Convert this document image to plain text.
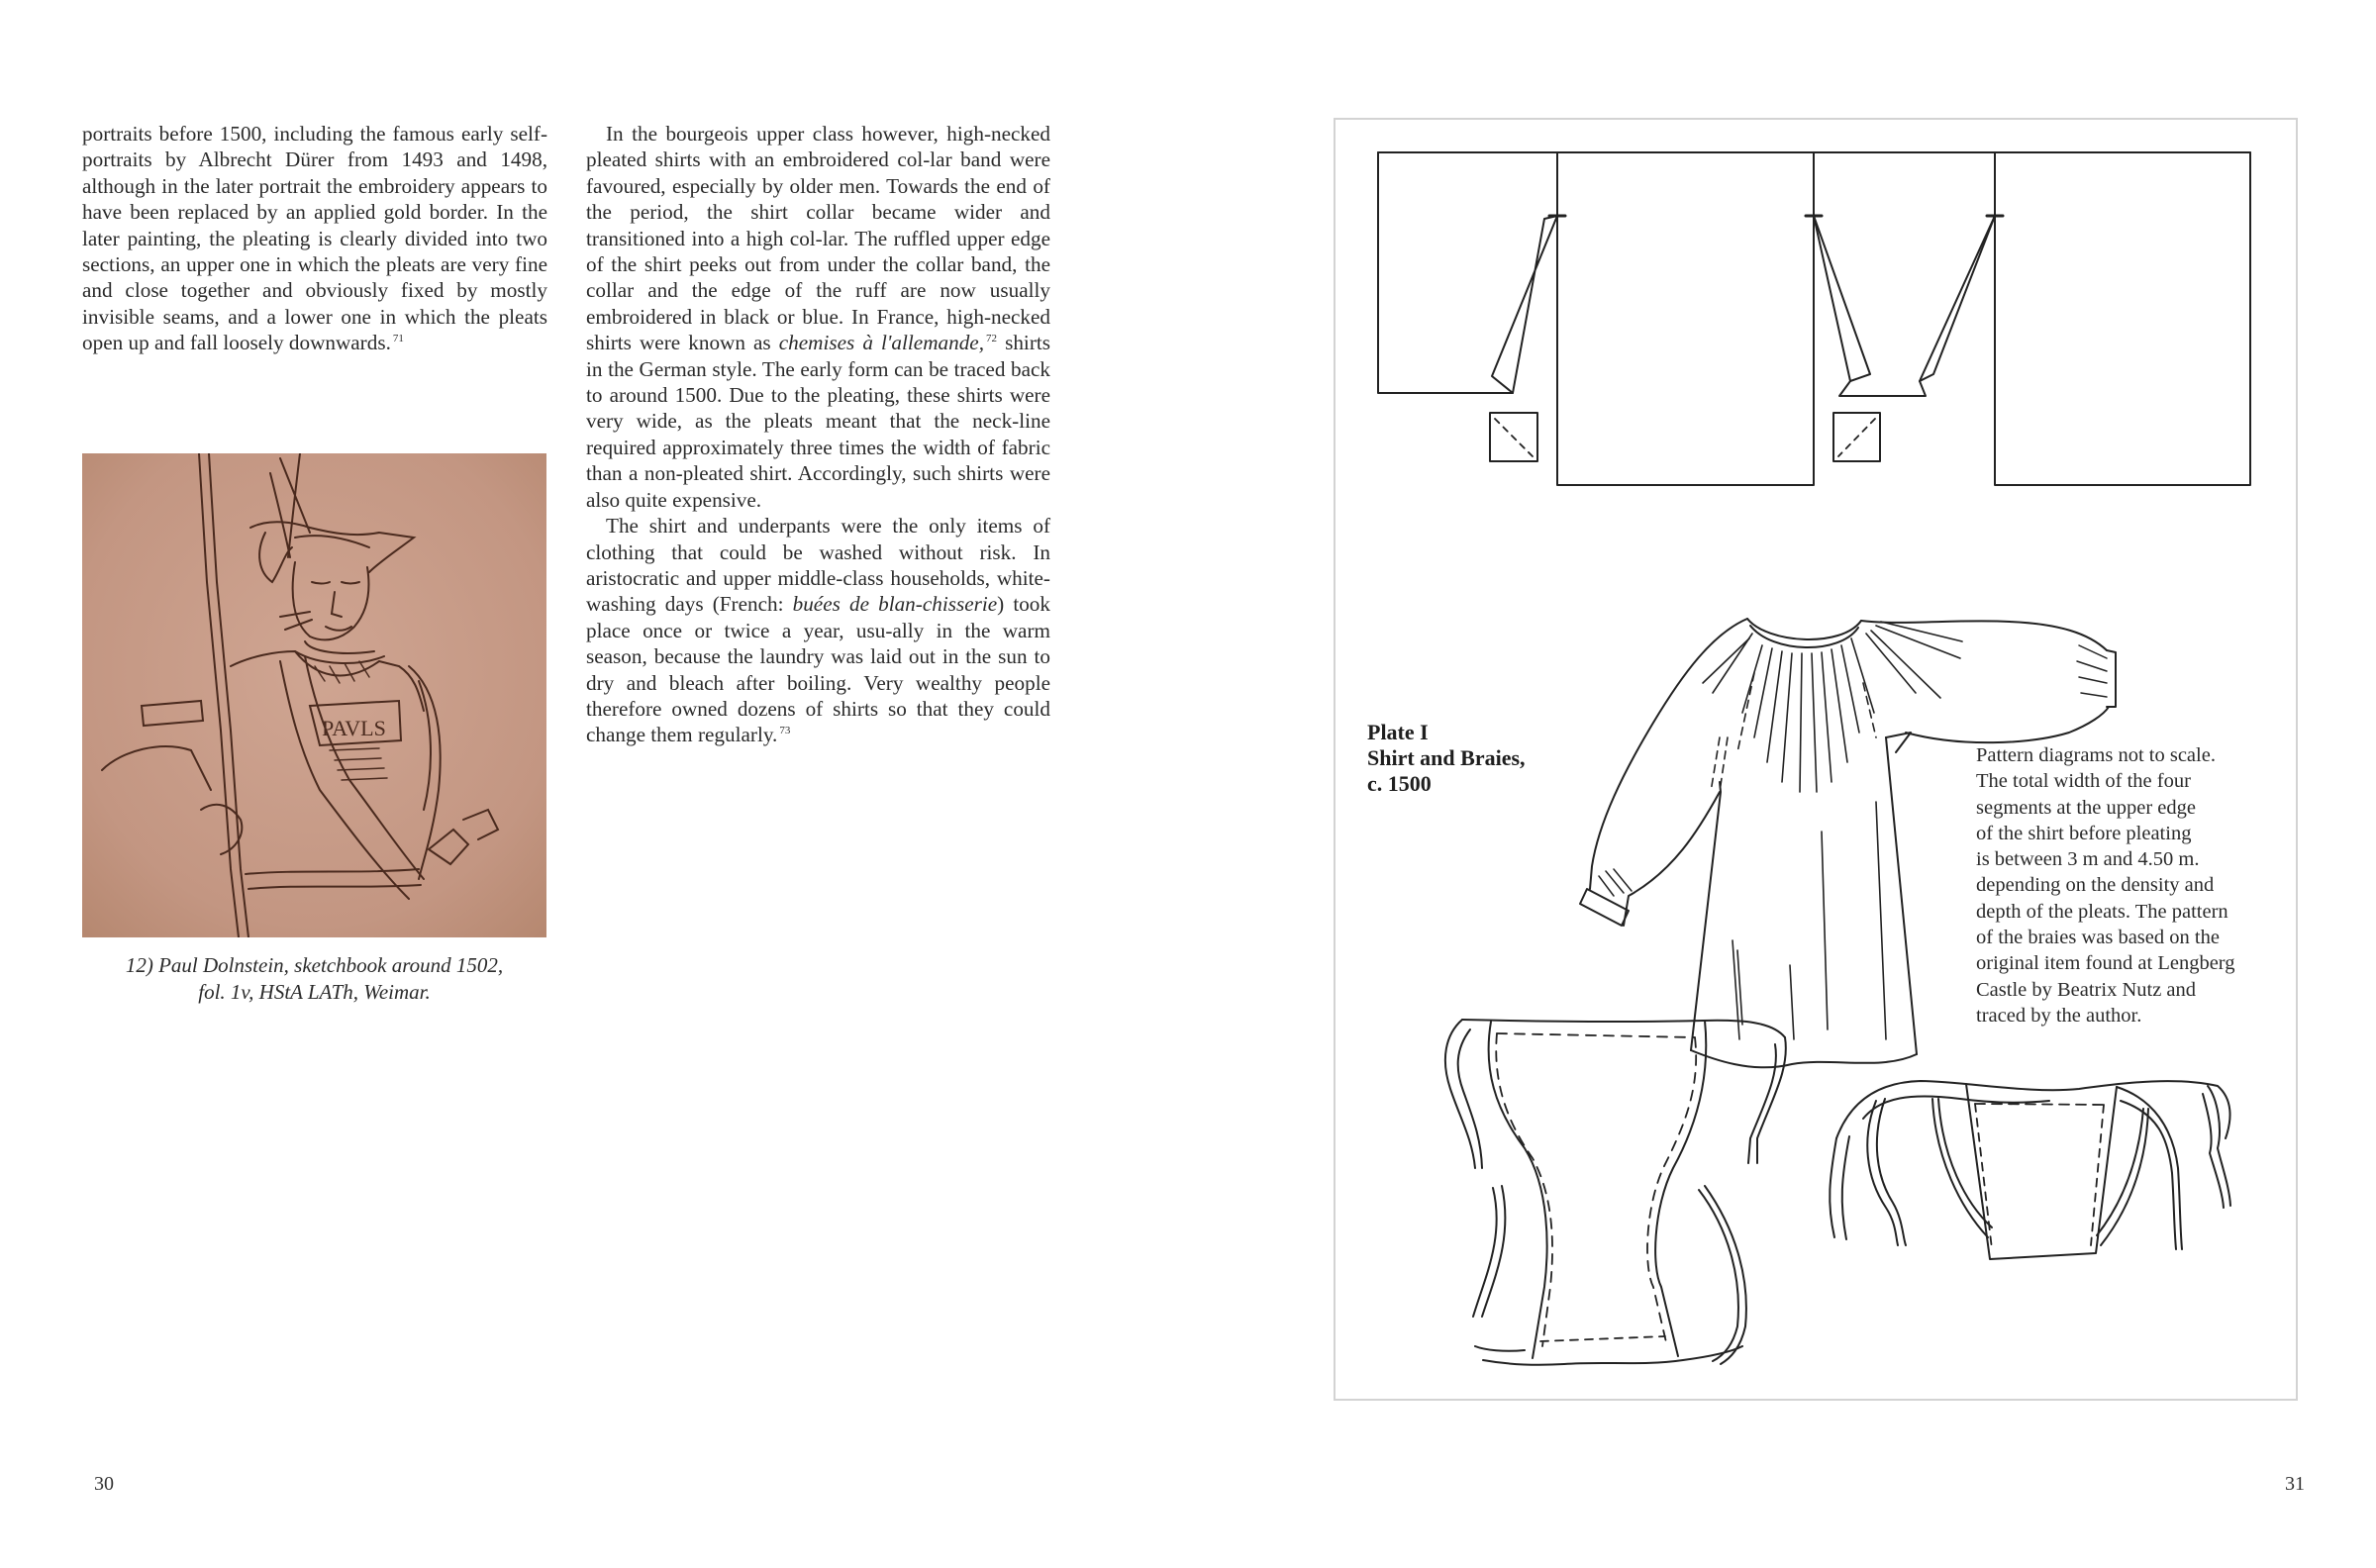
portraits before 1500, including the famous early self-portraits by Albrecht Dürer from 1493 and 1498, although in the later portrait the embroidery appears to have been replaced by an applied gold border. In the later painting, the pleating is clearly divided into two sections, an upper one in which the pleats are very fine and close together and obviously fixed by mostly invisible seams, and a lower one in which the pleats open up and fall loosely downwards. $^{71}$

PAVLS
12) Paul Dolnstein, sketchbook around 1502,
fol. 1v, HStA LATh, Weimar.

In the bourgeois upper class however, high-necked pleated shirts with an embroidered col-lar band were favoured, especially by older men. Towards the end of the period, the shirt collar became wider and transitioned into a high col-lar. The ruffled upper edge of the shirt peeks out from under the collar band, the collar and the edge of the ruff are now usually embroidered in black or blue. In France, high-necked shirts were known as chemises à l'allemande, $^{72}$ shirts in the German style. The early form can be traced back to around 1500. Due to the pleating, these shirts were very wide, as the pleats meant that the neck-line required approximately three times the width of fabric than a non-pleated shirt. Accordingly, such shirts were also quite expensive.

The shirt and underpants were the only items of clothing that could be washed without risk. In aristocratic and upper middle-class households, white-washing days (French: buées de blan-chisserie) took place once or twice a year, usu-ally in the warm season, because the laundry was laid out in the sun to dry and bleach after boiling. Very wealthy people therefore owned dozens of shirts so that they could change them regularly. $^{73}$

30
Plate I
Shirt and Braies,
c. 1500
Pattern diagrams not to scale.
The total width of the four
segments at the upper edge
of the shirt before pleating
is between 3 m and 4.50 m.
depending on the density and
depth of the pleats. The pattern
of the braies was based on the
original item found at Lengberg
Castle by Beatrix Nutz and
traced by the author.
31
